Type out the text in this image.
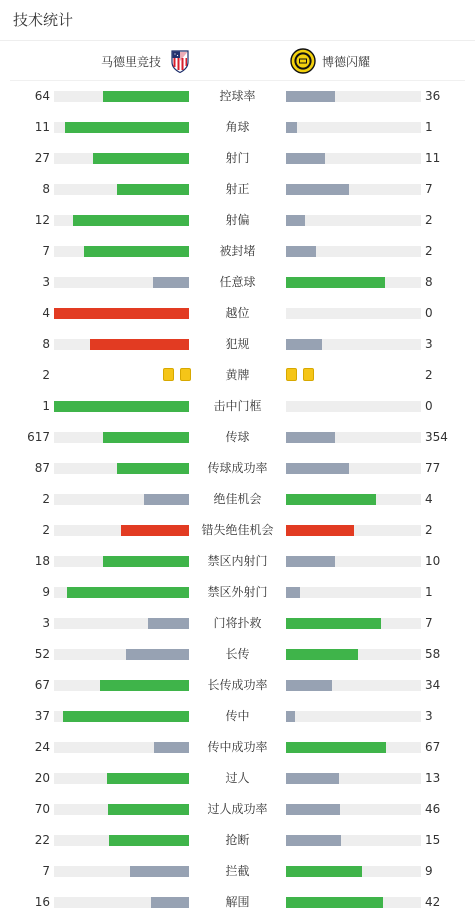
技术统计
马德里竞技	博德闪耀
64	控球率	36
11	角球	1
27	射门	11
8	射正	7
12	射偏	2
7	被封堵	2
3	任意球	8
4	越位	0
8	犯规	3
2	黄牌	2
1	击中门框	0
617	传球	354
87	传球成功率	77
2	绝佳机会	4
2	错失绝佳机会	2
18	禁区内射门	10
9	禁区外射门	1
3	门将扑救	7
52	长传	58
67	长传成功率	34
37	传中	3
24	传中成功率	67
20	过人	13
70	过人成功率	46
22	抢断	15
7	拦截	9
16	解围	42
